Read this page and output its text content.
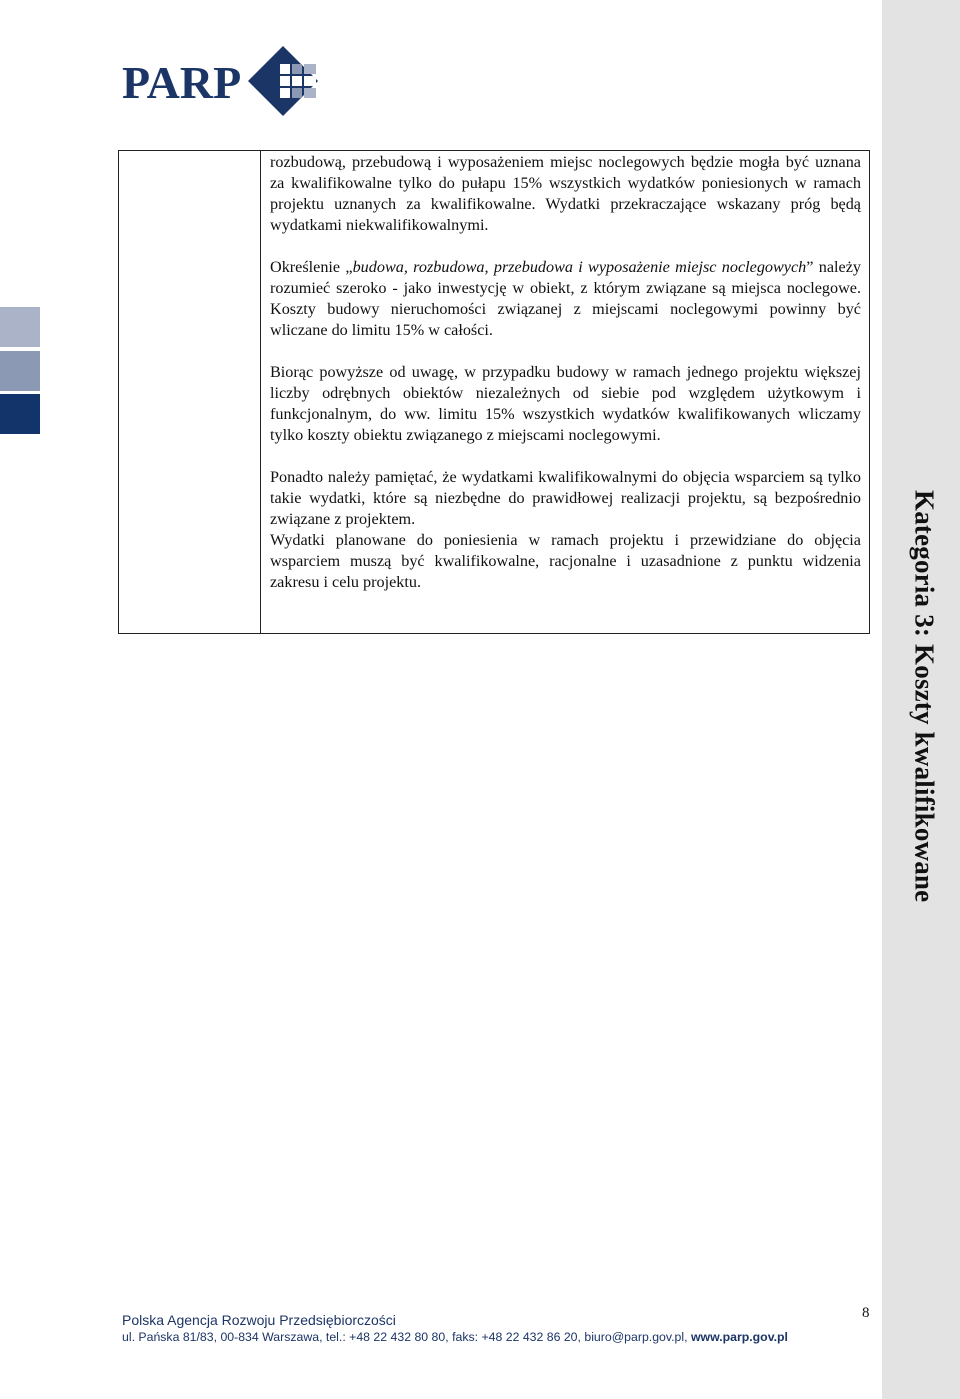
Kategoria 3: Koszty kwalifikowane
PARP

rozbudową, przebudową i wyposażeniem miejsc noclegowych będzie mogła być uznana za kwalifikowalne tylko do pułapu 15% wszystkich wydatków poniesionych w ramach projektu uznanych za kwalifikowalne. Wydatki przekraczające wskazany próg będą wydatkami niekwalifikowalnymi.

Określenie „budowa, rozbudowa, przebudowa i wyposażenie miejsc noclegowych” należy rozumieć szeroko - jako inwestycję w obiekt, z którym związane są miejsca noclegowe. Koszty budowy nieruchomości związanej z miejscami noclegowymi powinny być wliczane do limitu 15% w całości.

Biorąc powyższe od uwagę, w przypadku budowy w ramach jednego projektu większej liczby odrębnych obiektów niezależnych od siebie pod względem użytkowym i funkcjonalnym, do ww. limitu 15% wszystkich wydatków kwalifikowanych wliczamy tylko koszty obiektu związanego z miejscami noclegowymi.

Ponadto należy pamiętać, że wydatkami kwalifikowalnymi do objęcia wsparciem są tylko takie wydatki, które są niezbędne do prawidłowej realizacji projektu, są bezpośrednio związane z projektem.

Wydatki planowane do poniesienia w ramach projektu i przewidziane do objęcia wsparciem muszą być kwalifikowalne, racjonalne i uzasadnione z punktu widzenia zakresu i celu projektu.

8
Polska Agencja Rozwoju Przedsiębiorczości
ul. Pańska 81/83, 00-834 Warszawa, tel.: +48 22 432 80 80, faks: +48 22 432 86 20, biuro@parp.gov.pl, www.parp.gov.pl
